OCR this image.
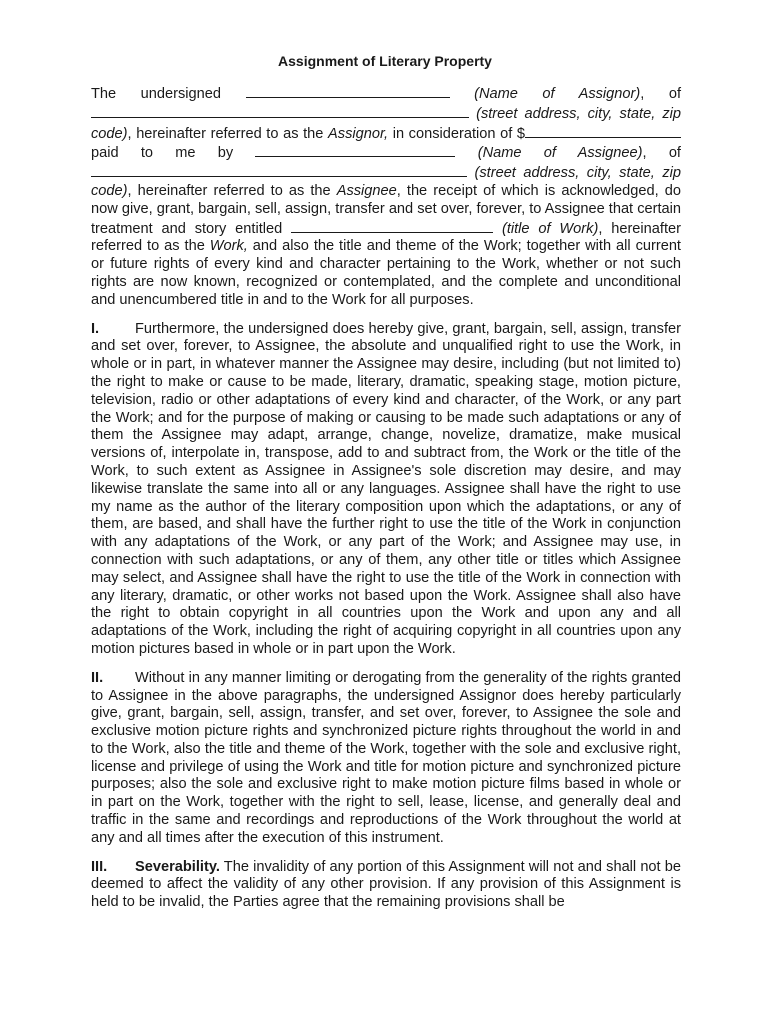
Assignment of Literary Property

The undersigned	(Name of Assignor), of  (street address, city, state, zip code), hereinafter referred to as the Assignor, in consideration of $ paid to me by	(Name of Assignee), of  (street address, city, state, zip code), hereinafter referred to as the Assignee, the receipt of which is acknowledged, do now give, grant, bargain, sell, assign, transfer and set over, forever, to Assignee that certain treatment and story entitled	(title of Work), hereinafter referred to as the Work, and also the title and theme of the Work; together with all current or future rights of every kind and character pertaining to the Work, whether or not such rights are now known, recognized or contemplated, and the complete and unconditional and unencumbered title in and to the Work for all purposes.

I. Furthermore, the undersigned does hereby give, grant, bargain, sell, assign, transfer and set over, forever, to Assignee, the absolute and unqualified right to use the Work, in whole or in part, in whatever manner the Assignee may desire, including (but not limited to) the right to make or cause to be made, literary, dramatic, speaking stage, motion picture, television, radio or other adaptations of every kind and character, of the Work, or any part the Work; and for the purpose of making or causing to be made such adaptations or any of them the Assignee may adapt, arrange, change, novelize, dramatize, make musical versions of, interpolate in, transpose, add to and subtract from, the Work or the title of the Work, to such extent as Assignee in Assignee's sole discretion may desire, and may likewise translate the same into all or any languages. Assignee shall have the right to use my name as the author of the literary composition upon which the adaptations, or any of them, are based, and shall have the further right to use the title of the Work in conjunction with any adaptations of the Work, or any part of the Work; and Assignee may use, in connection with such adaptations, or any of them, any other title or titles which Assignee may select, and Assignee shall have the right to use the title of the Work in connection with any literary, dramatic, or other works not based upon the Work. Assignee shall also have the right to obtain copyright in all countries upon the Work and upon any and all adaptations of the Work, including the right of acquiring copyright in all countries upon any motion pictures based in whole or in part upon the Work.

II. Without in any manner limiting or derogating from the generality of the rights granted to Assignee in the above paragraphs, the undersigned Assignor does hereby particularly give, grant, bargain, sell, assign, transfer, and set over, forever, to Assignee the sole and exclusive motion picture rights and synchronized picture rights throughout the world in and to the Work, also the title and theme of the Work, together with the sole and exclusive right, license and privilege of using the Work and title for motion picture and synchronized picture purposes; also the sole and exclusive right to make motion picture films based in whole or in part on the Work, together with the right to sell, lease, license, and generally deal and traffic in the same and recordings and reproductions of the Work throughout the world at any and all times after the execution of this instrument.

III. Severability. The invalidity of any portion of this Assignment will not and shall not be deemed to affect the validity of any other provision. If any provision of this Assignment is held to be invalid, the Parties agree that the remaining provisions shall be
